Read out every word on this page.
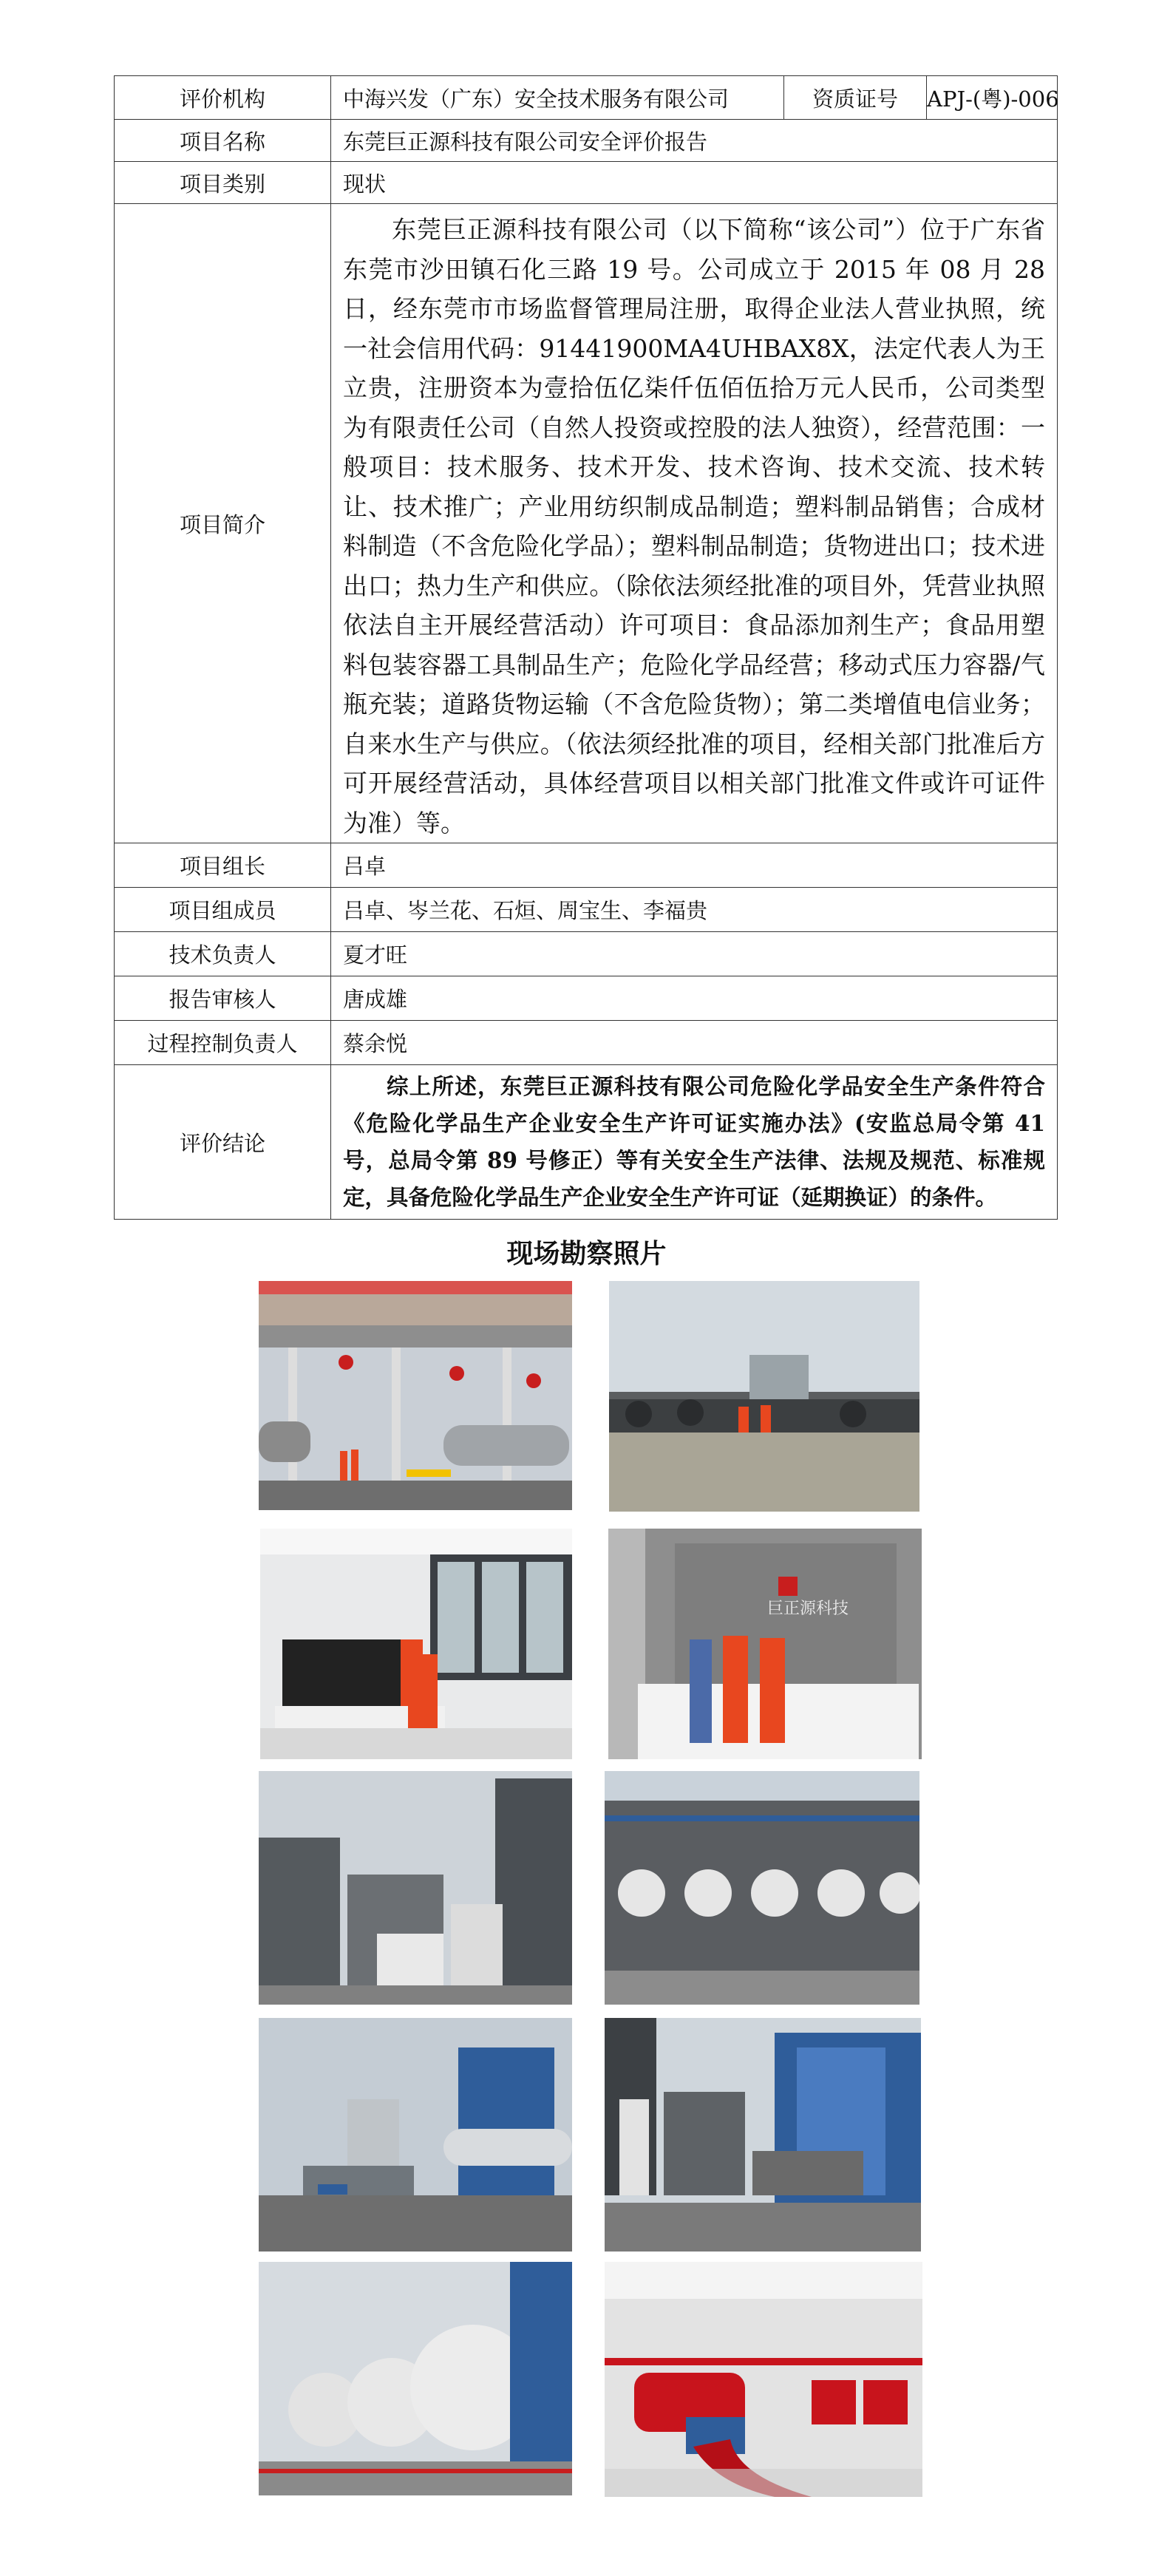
评价机构	中海兴发（广东）安全技术服务有限公司	资质证号	APJ-(粤)-006
项目名称	东莞巨正源科技有限公司安全评价报告		
项目类别	现状		
项目简介	东莞巨正源科技有限公司（以下简称“该公司”）位于广东省东莞市沙田镇石化三路 19 号。公司成立于 2015 年 08 月 28 日，经东莞市市场监督管理局注册，取得企业法人营业执照，统一社会信用代码：91441900MA4UHBAX8X，法定代表人为王立贵，注册资本为壹拾伍亿柒仟伍佰伍拾万元人民币，公司类型为有限责任公司（自然人投资或控股的法人独资），经营范围：一般项目：技术服务、技术开发、技术咨询、技术交流、技术转让、技术推广；产业用纺织制成品制造；塑料制品销售；合成材料制造（不含危险化学品）；塑料制品制造；货物进出口；技术进出口；热力生产和供应。（除依法须经批准的项目外，凭营业执照依法自主开展经营活动）许可项目：食品添加剂生产；食品用塑料包装容器工具制品生产；危险化学品经营；移动式压力容器/气瓶充装；道路货物运输（不含危险货物）；第二类增值电信业务；自来水生产与供应。（依法须经批准的项目，经相关部门批准后方可开展经营活动，具体经营项目以相关部门批准文件或许可证件为准）等。		

项目组长	吕卓		
项目组成员	吕卓、岑兰花、石烜、周宝生、李福贵		
技术负责人	夏才旺		
报告审核人	唐成雄		
过程控制负责人	蔡余悦		
评价结论	综上所述，东莞巨正源科技有限公司危险化学品安全生产条件符合《危险化学品生产企业安全生产许可证实施办法》(安监总局令第 41 号，总局令第 89 号修正）等有关安全生产法律、法规及规范、标准规定，具备危险化学品生产企业安全生产许可证（延期换证）的条件。		
现场勘察照片
巨正源科技
